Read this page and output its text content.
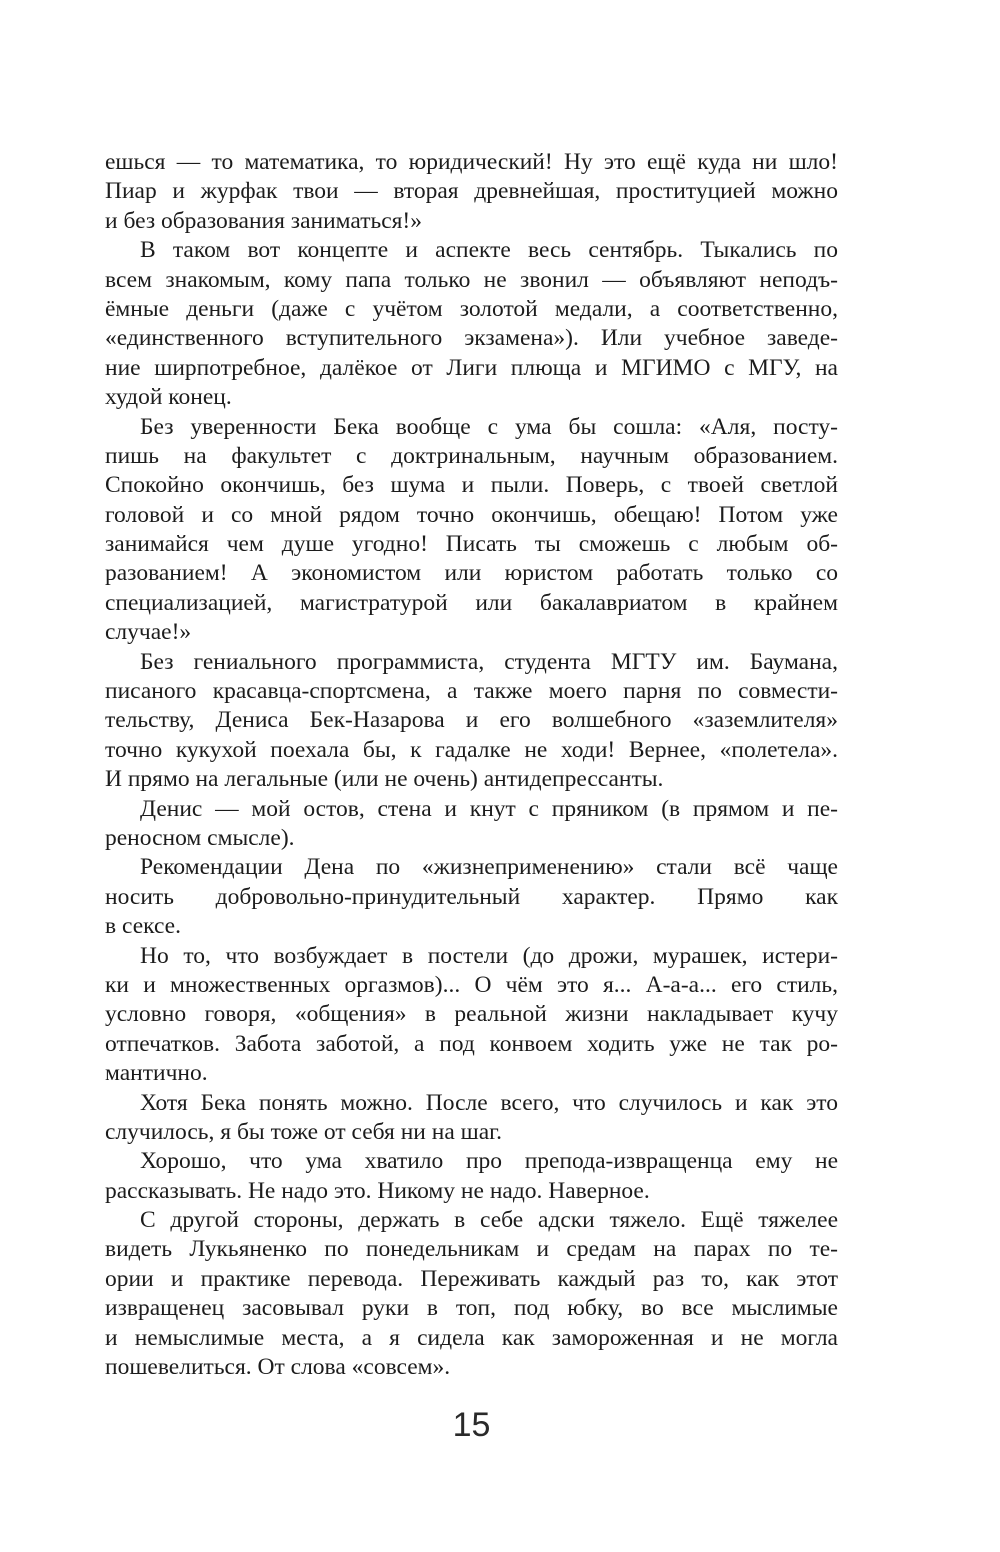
ешься — то математика, то юридический! Ну это ещё куда ни шло!
Пиар и журфак твои — вторая древнейшая, проституцией можно
и без образования заниматься!»
В таком вот концепте и аспекте весь сентябрь. Тыкались по
всем знакомым, кому папа только не звонил — объявляют неподъ-
ёмные деньги (даже с учётом золотой медали, а соответственно,
«единственного вступительного экзамена»). Или учебное заведе-
ние ширпотребное, далёкое от Лиги плюща и МГИМО с МГУ, на
худой конец.
Без уверенности Бека вообще с ума бы сошла: «Аля, посту-
пишь на факультет с доктринальным, научным образованием.
Спокойно окончишь, без шума и пыли. Поверь, с твоей светлой
головой и со мной рядом точно окончишь, обещаю! Потом уже
занимайся чем душе угодно! Писать ты сможешь с любым об-
разованием! А экономистом или юристом работать только со
специализацией, магистратурой или бакалавриатом в крайнем
случае!»
Без гениального программиста, студента МГТУ им. Баумана,
писаного красавца-спортсмена, а также моего парня по совмести-
тельству, Дениса Бек-Назарова и его волшебного «заземлителя»
точно кукухой поехала бы, к гадалке не ходи! Вернее, «полетела».
И прямо на легальные (или не очень) антидепрессанты.
Денис — мой остов, стена и кнут с пряником (в прямом и пе-
реносном смысле).
Рекомендации Дена по «жизнеприменению» стали всё чаще
носить добровольно-принудительный характер. Прямо как
в сексе.
Но то, что возбуждает в постели (до дрожи, мурашек, истери-
ки и множественных оргазмов)... О чём это я... А-а-а... его стиль,
условно говоря, «общения» в реальной жизни накладывает кучу
отпечатков. Забота заботой, а под конвоем ходить уже не так ро-
мантично.
Хотя Бека понять можно. После всего, что случилось и как это
случилось, я бы тоже от себя ни на шаг.
Хорошо, что ума хватило про препода-извращенца ему не
рассказывать. Не надо это. Никому не надо. Наверное.
С другой стороны, держать в себе адски тяжело. Ещё тяжелее
видеть Лукьяненко по понедельникам и средам на парах по те-
ории и практике перевода. Переживать каждый раз то, как этот
извращенец засовывал руки в топ, под юбку, во все мыслимые
и немыслимые места, а я сидела как замороженная и не могла
пошевелиться. От слова «совсем».
15
